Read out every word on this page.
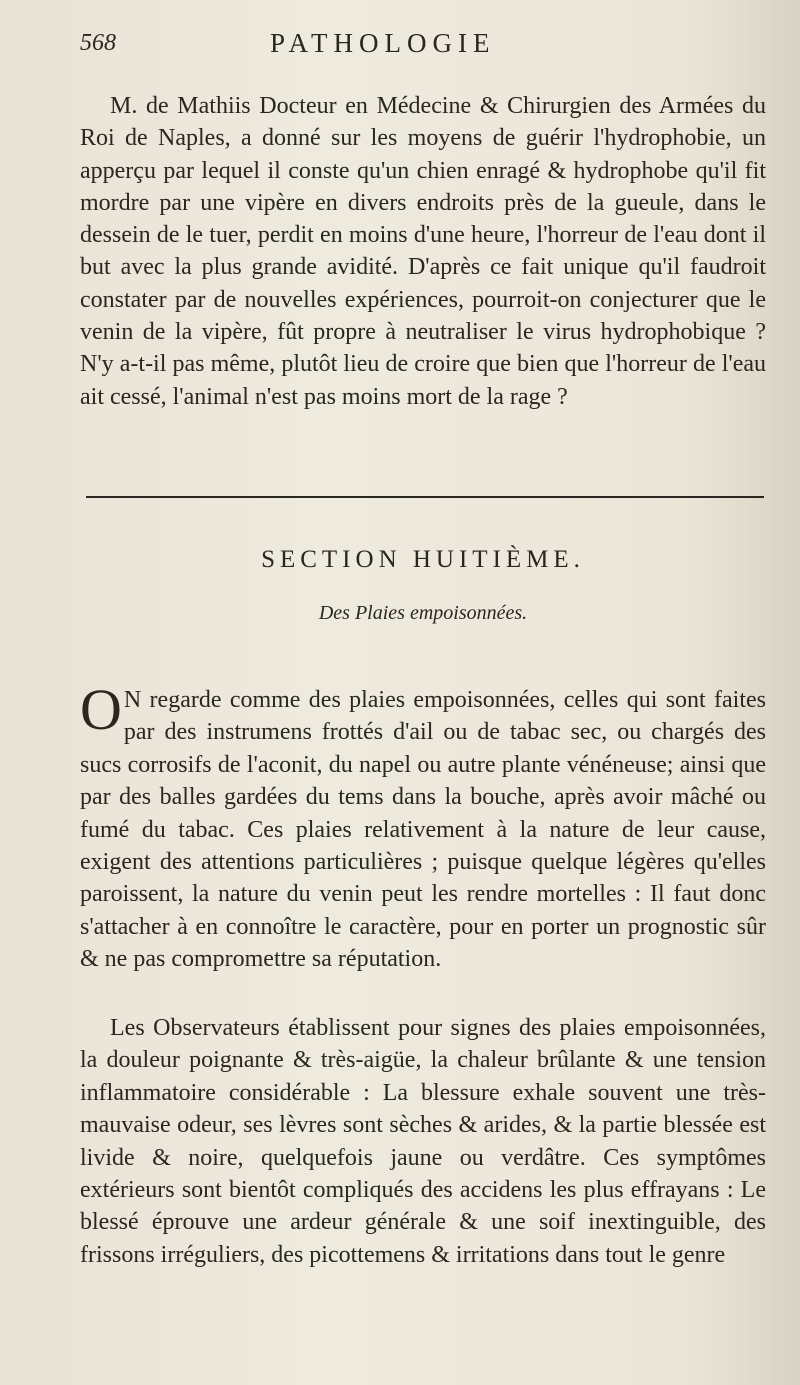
568	PATHOLOGIE

M. de Mathiis Docteur en Médecine & Chirurgien des Armées du Roi de Naples, a donné sur les moyens de guérir l'hydrophobie, un apperçu par lequel il conste qu'un chien enragé & hydrophobe qu'il fit mordre par une vipère en divers endroits près de la gueule, dans le dessein de le tuer, perdit en moins d'une heure, l'horreur de l'eau dont il but avec la plus grande avidité. D'après ce fait unique qu'il faudroit constater par de nouvelles expériences, pourroit-on conjecturer que le venin de la vipère, fût propre à neutraliser le virus hydrophobique ? N'y a-t-il pas même, plutôt lieu de croire que bien que l'horreur de l'eau ait cessé, l'animal n'est pas moins mort de la rage ?

SECTION HUITIÈME.
Des Plaies empoisonnées.

O N regarde comme des plaies empoisonnées, celles qui sont faites par des instrumens frottés d'ail ou de tabac sec, ou chargés des sucs corrosifs de l'aconit, du napel ou autre plante vénéneuse; ainsi que par des balles gardées du tems dans la bouche, après avoir mâché ou fumé du tabac. Ces plaies relativement à la nature de leur cause, exigent des attentions particulières ; puisque quelque légères qu'elles paroissent, la nature du venin peut les rendre mortelles : Il faut donc s'attacher à en connoître le caractère, pour en porter un prognostic sûr & ne pas compromettre sa réputation.

Les Observateurs établissent pour signes des plaies empoisonnées, la douleur poignante & très-aigüe, la chaleur brûlante & une tension inflammatoire considérable : La blessure exhale souvent une très-mauvaise odeur, ses lèvres sont sèches & arides, & la partie blessée est livide & noire, quelquefois jaune ou verdâtre. Ces symptômes extérieurs sont bientôt compliqués des accidens les plus effrayans : Le blessé éprouve une ardeur générale & une soif inextinguible, des frissons irréguliers, des picottemens & irritations dans tout le genre
